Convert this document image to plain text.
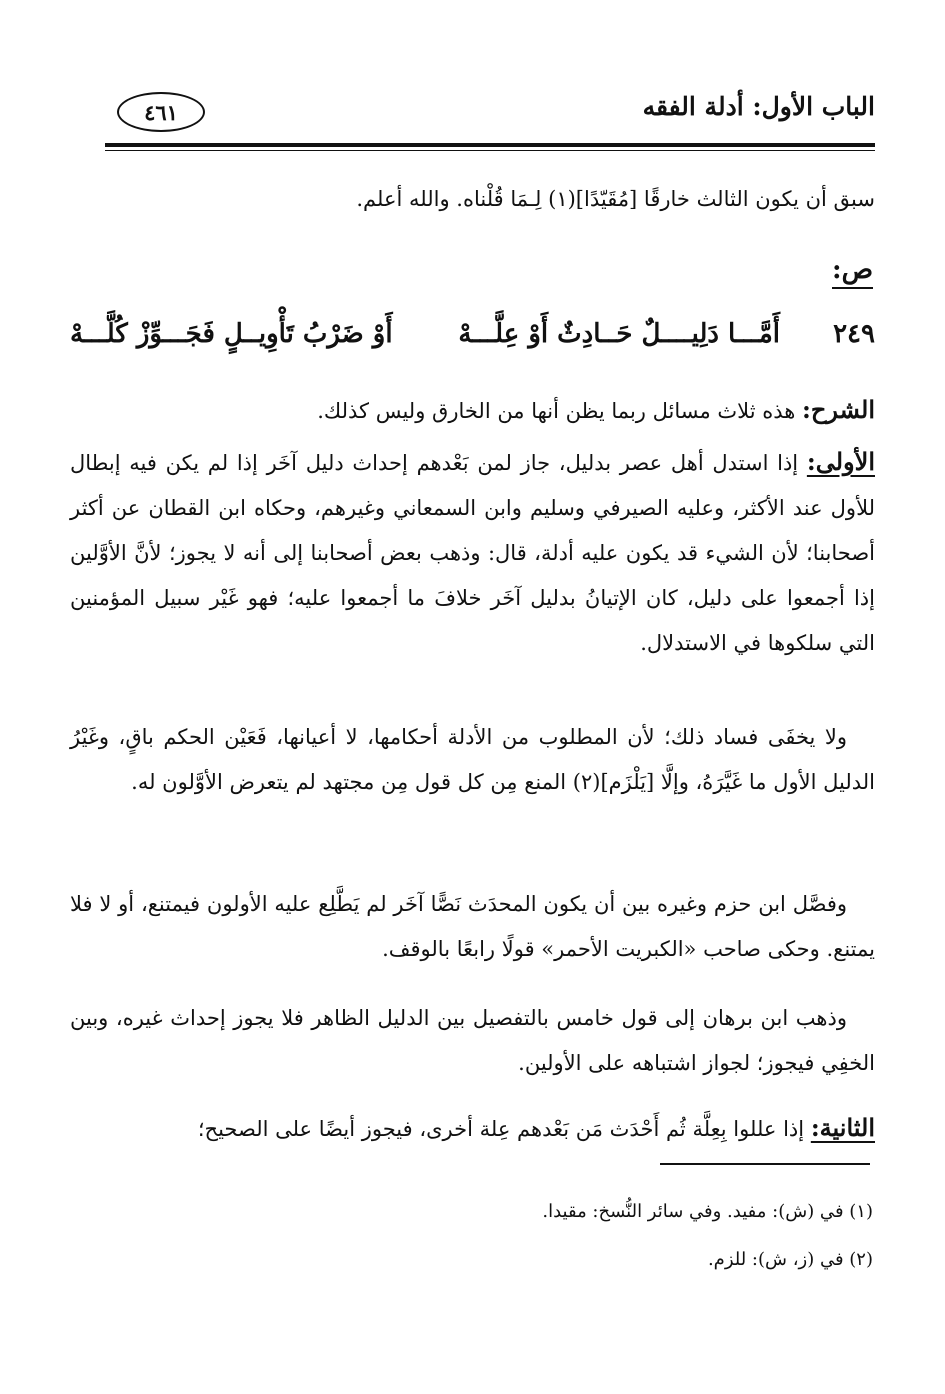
الباب الأول: أدلة الفقه
٤٦١
سبق أن يكون الثالث خارقًا [مُقَيّدًا](١) لِـمَا قُلْناه. والله أعلم.
ص:
٢٤٩
أَمَّـــا دَلِيــــلٌ حَــادِثٌ أَوْ عِلَّـــهْ
أَوْ ضَرْبُ تَأْوِيــلٍ فَجَـــوِّزْ كُلَّـــهْ
الشرح: هذه ثلاث مسائل ربما يظن أنها من الخارق وليس كذلك.
الأولى: إذا استدل أهل عصر بدليل، جاز لمن بَعْدهم إحداث دليل آخَر إذا لم يكن فيه إبطال للأول عند الأكثر، وعليه الصيرفي وسليم وابن السمعاني وغيرهم، وحكاه ابن القطان عن أكثر أصحابنا؛ لأن الشيء قد يكون عليه أدلة، قال: وذهب بعض أصحابنا إلى أنه لا يجوز؛ لأنَّ الأوَّلين إذا أجمعوا على دليل، كان الإتيانُ بدليل آخَر خلافَ ما أجمعوا عليه؛ فهو غَيْر سبيل المؤمنين التي سلكوها في الاستدلال.
ولا يخفَى فساد ذلك؛ لأن المطلوب من الأدلة أحكامها، لا أعيانها، فَعَيْن الحكم باقٍ، وغَيْرُ الدليل الأول ما غَيَّرَهُ، وإلَّا [يَلْزَم](٢) المنع مِن كل قول مِن مجتهد لم يتعرض الأوَّلون له.
وفصَّل ابن حزم وغيره بين أن يكون المحدَث نَصًّا آخَر لم يَطَّلِع عليه الأولون فيمتنع، أو لا فلا يمتنع. وحكى صاحب «الكبريت الأحمر» قولًا رابعًا بالوقف.
وذهب ابن برهان إلى قول خامس بالتفصيل بين الدليل الظاهر فلا يجوز إحداث غيره، وبين الخفِي فيجوز؛ لجواز اشتباهه على الأولين.
الثانية: إذا عللوا بِعِلَّة ثُم أَحْدَث مَن بَعْدهم عِلة أخرى، فيجوز أيضًا على الصحيح؛
(١) في (ش): مفيد. وفي سائر النُّسخ: مقيدا.
(٢) في (ز، ش): للزم.
